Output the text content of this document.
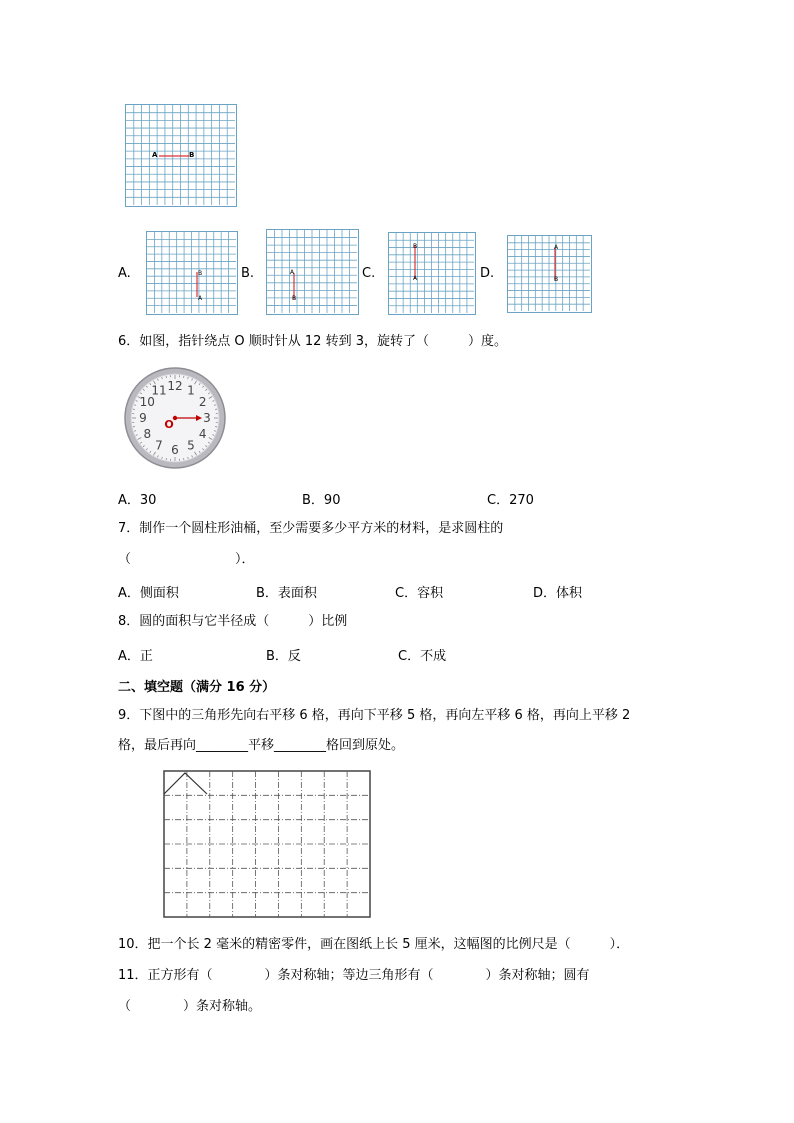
A	B
A.	B
A
B.	A
B
C.
B
A	D.
A
B
6．如图，指针绕点 O 顺时针从 12 转到 3，旋转了（　　　）度。
12 1
2
3
4
5
6
7
8
9
10
11
O
A．30	B．90	C．270
7．制作一个圆柱形油桶，至少需要多少平方米的材料，是求圆柱的
（　　　　　　　　）．
A．侧面积	B．表面积	C．容积	D．体积
8．圆的面积与它半径成（　　　）比例
A．正	B．反	C．不成
二、填空题（满分 16 分）
9．下图中的三角形先向右平移 6 格，再向下平移 5 格，再向左平移 6 格，再向上平移 2
格，最后再向________平移________格回到原处。
10．把一个长 2 毫米的精密零件，画在图纸上长 5 厘米，这幅图的比例尺是（　　　）．
11．正方形有（　　　　）条对称轴；等边三角形有（　　　　）条对称轴；圆有
（　　　　）条对称轴。
